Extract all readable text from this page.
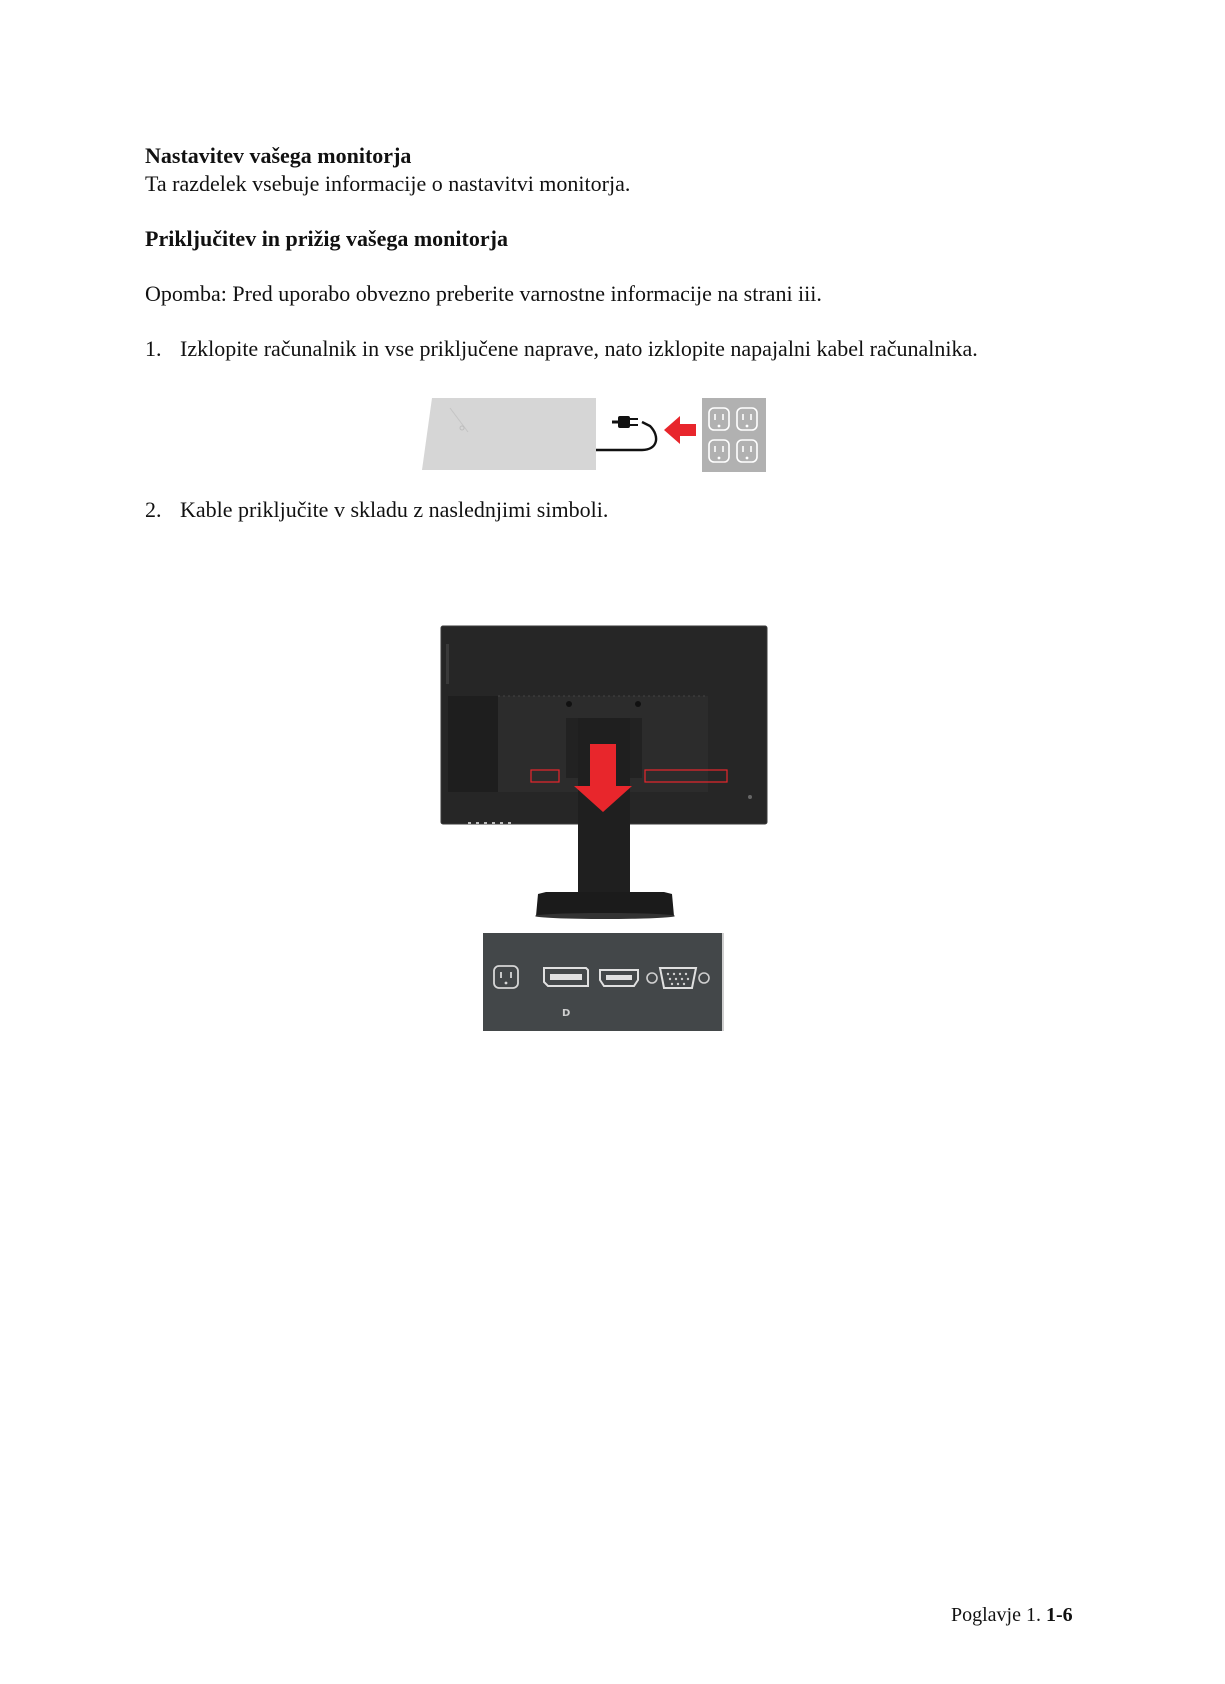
Nastavitev vašega monitorja
Ta razdelek vsebuje informacije o nastavitvi monitorja.
Priključitev in prižig vašega monitorja
Opomba: Pred uporabo obvezno preberite varnostne informacije na strani iii.
1. Izklopite računalnik in vse priključene naprave, nato izklopite napajalni kabel računalnika.
2. Kable priključite v skladu z naslednjimi simboli.
D
Poglavje 1. 1-6
